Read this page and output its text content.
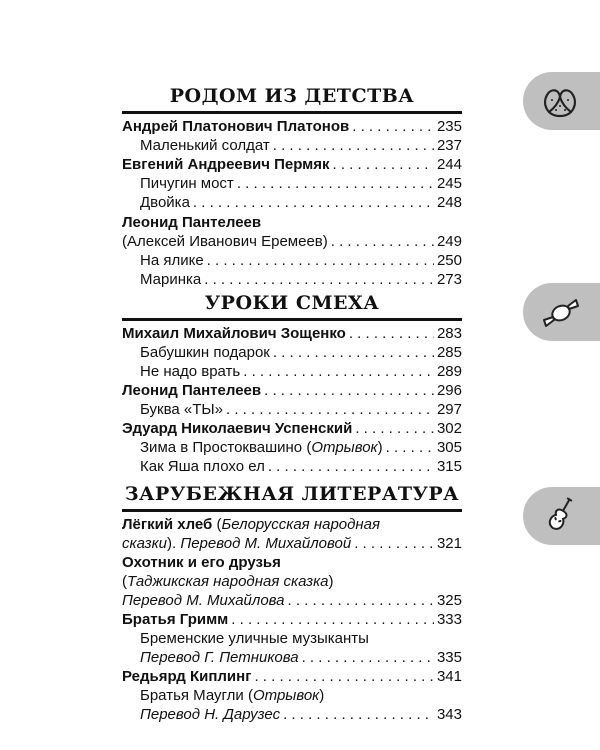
РОДОМ ИЗ ДЕТСТВА
Андрей Платонович Платонов . . .	235
Маленький солдат . . .	237
Евгений Андреевич Пермяк . . .	244
Пичугин мост . . .	245
Двойка . . .	248
Леонид Пантелеев
(Алексей Иванович Еремеев) . . .	249
На ялике . . .	250
Маринка . . .	273
УРОКИ СМЕХА
Михаил Михайлович Зощенко . . .	283
Бабушкин подарок . . .	285
Не надо врать . . .	289
Леонид Пантелеев . . .	296
Буква «ТЫ» . . .	297
Эдуард Николаевич Успенский . . .	302
Зима в Простоквашино (Отрывок) . . .	305
Как Яша плохо ел . . .	315
ЗАРУБЕЖНАЯ ЛИТЕРАТУРА
Лёгкий хлеб (Белорусская народная
сказки). Перевод М. Михайловой . . .	321
Охотник и его друзья
(Таджикская народная сказка)
Перевод М. Михайлова . . .	325
Братья Гримм . . .	333
Бременские уличные музыканты
Перевод Г. Петникова . . .	335
Редьярд Киплинг . . .	341
Братья Маугли (Отрывок)
Перевод Н. Дарузес . . .	343
